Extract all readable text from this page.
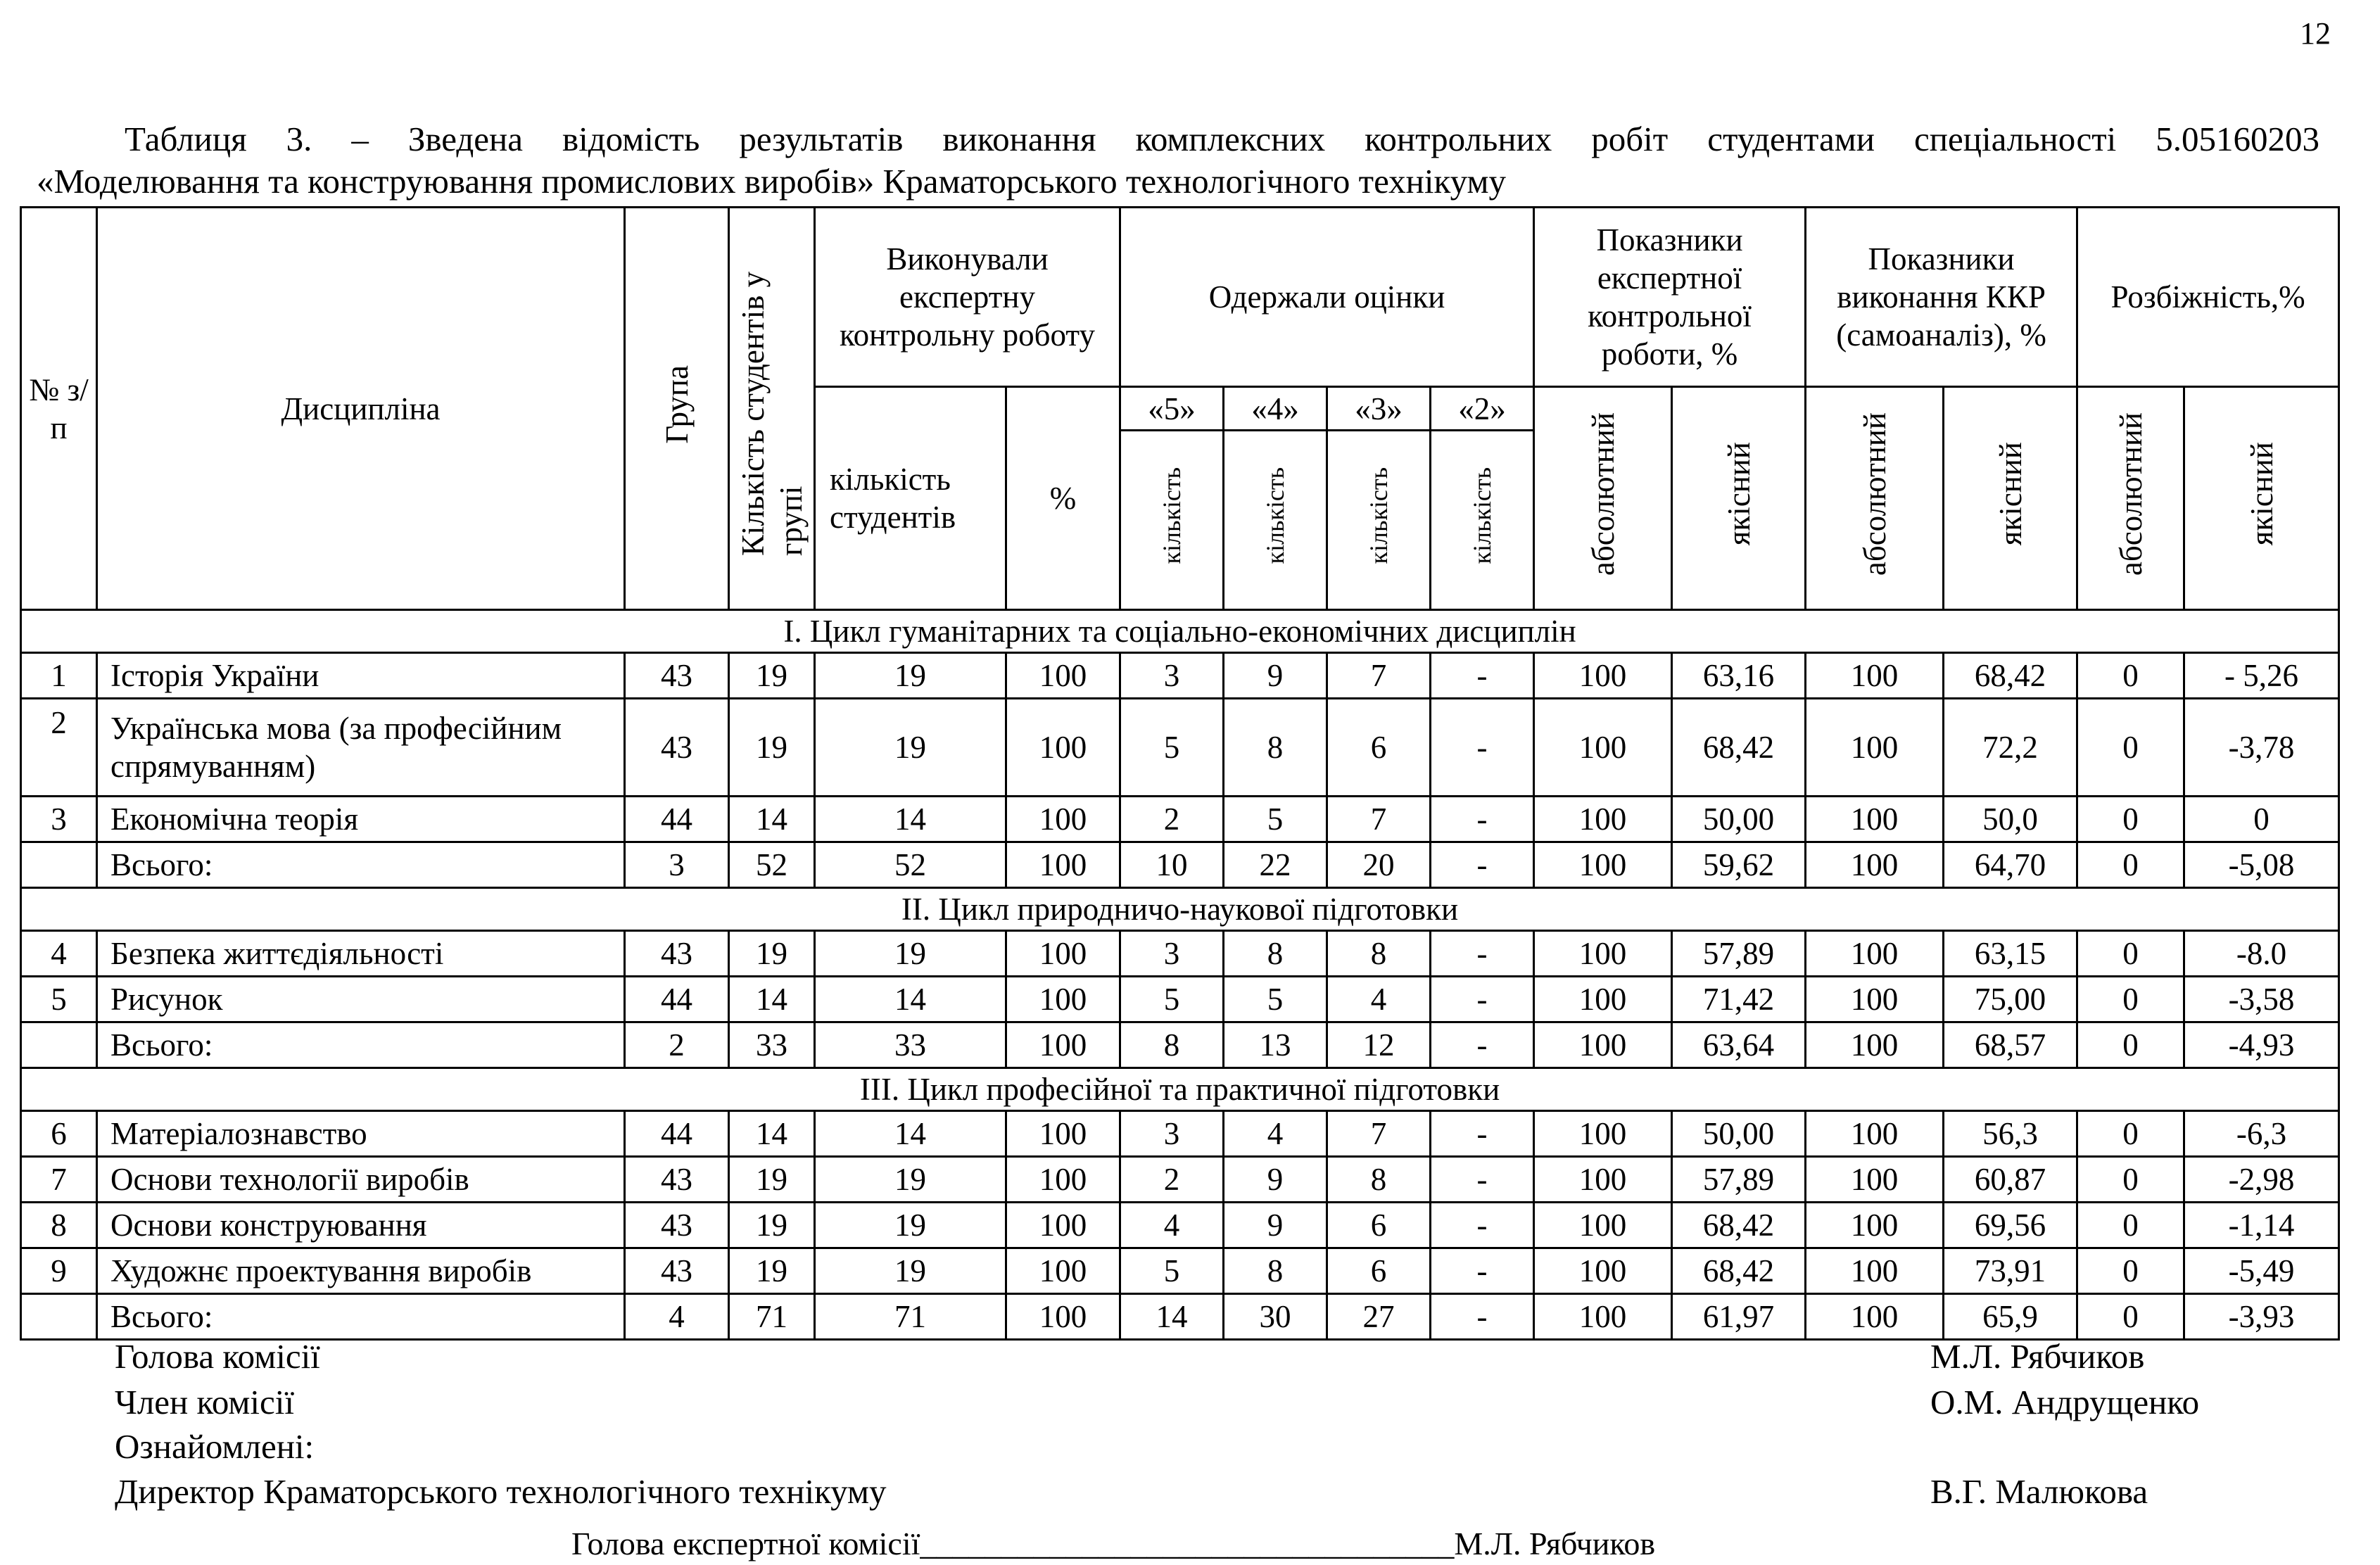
12
Таблиця 3. – Зведена відомість результатів виконання комплексних контрольних робіт студентами спеціальності 5.05160203
«Моделювання та конструювання промислових виробів» Краматорського технологічного технікуму
№ з/п	Дисципліна	Група	Кількість студентів у групі	Виконували експертну контрольну роботу		Одержали оцінки				Показники експертної контрольної роботи, %		Показники виконання ККР (самоаналіз), %		Розбіжність,%	
				кількість студентів	%	«5»	«4»	«3»	«2»	абсолютний	якісний	абсолютний	якісний	абсолютний	якісний
						кількість	кількість	кількість	кількість						
І. Цикл гуманітарних та соціально-економічних дисциплін															
1	Історія України	43	19	19	100	3	9	7	-	100	63,16	100	68,42	0	- 5,26
2	Українська мова (за професійним спрямуванням)	43	19	19	100	5	8	6	-	100	68,42	100	72,2	0	-3,78
3	Економічна теорія	44	14	14	100	2	5	7	-	100	50,00	100	50,0	0	0
	Всього:	3	52	52	100	10	22	20	-	100	59,62	100	64,70	0	-5,08
ІІ. Цикл природничо-наукової підготовки															
4	Безпека життєдіяльності	43	19	19	100	3	8	8	-	100	57,89	100	63,15	0	-8.0
5	Рисунок	44	14	14	100	5	5	4	-	100	71,42	100	75,00	0	-3,58
	Всього:	2	33	33	100	8	13	12	-	100	63,64	100	68,57	0	-4,93
ІІІ. Цикл професійної та практичної підготовки															
6	Матеріалознавство	44	14	14	100	3	4	7	-	100	50,00	100	56,3	0	-6,3
7	Основи технології виробів	43	19	19	100	2	9	8	-	100	57,89	100	60,87	0	-2,98
8	Основи конструювання	43	19	19	100	4	9	6	-	100	68,42	100	69,56	0	-1,14
9	Художнє проектування виробів	43	19	19	100	5	8	6	-	100	68,42	100	73,91	0	-5,49
	Всього:	4	71	71	100	14	30	27	-	100	61,97	100	65,9	0	-3,93
Голова комісії	М.Л. Рябчиков
Член комісії	О.М. Андрущенко
Ознайомлені:
Директор Краматорського технологічного технікуму	В.Г. Малюкова
Голова експертної комісії_________________________________М.Л. Рябчиков
